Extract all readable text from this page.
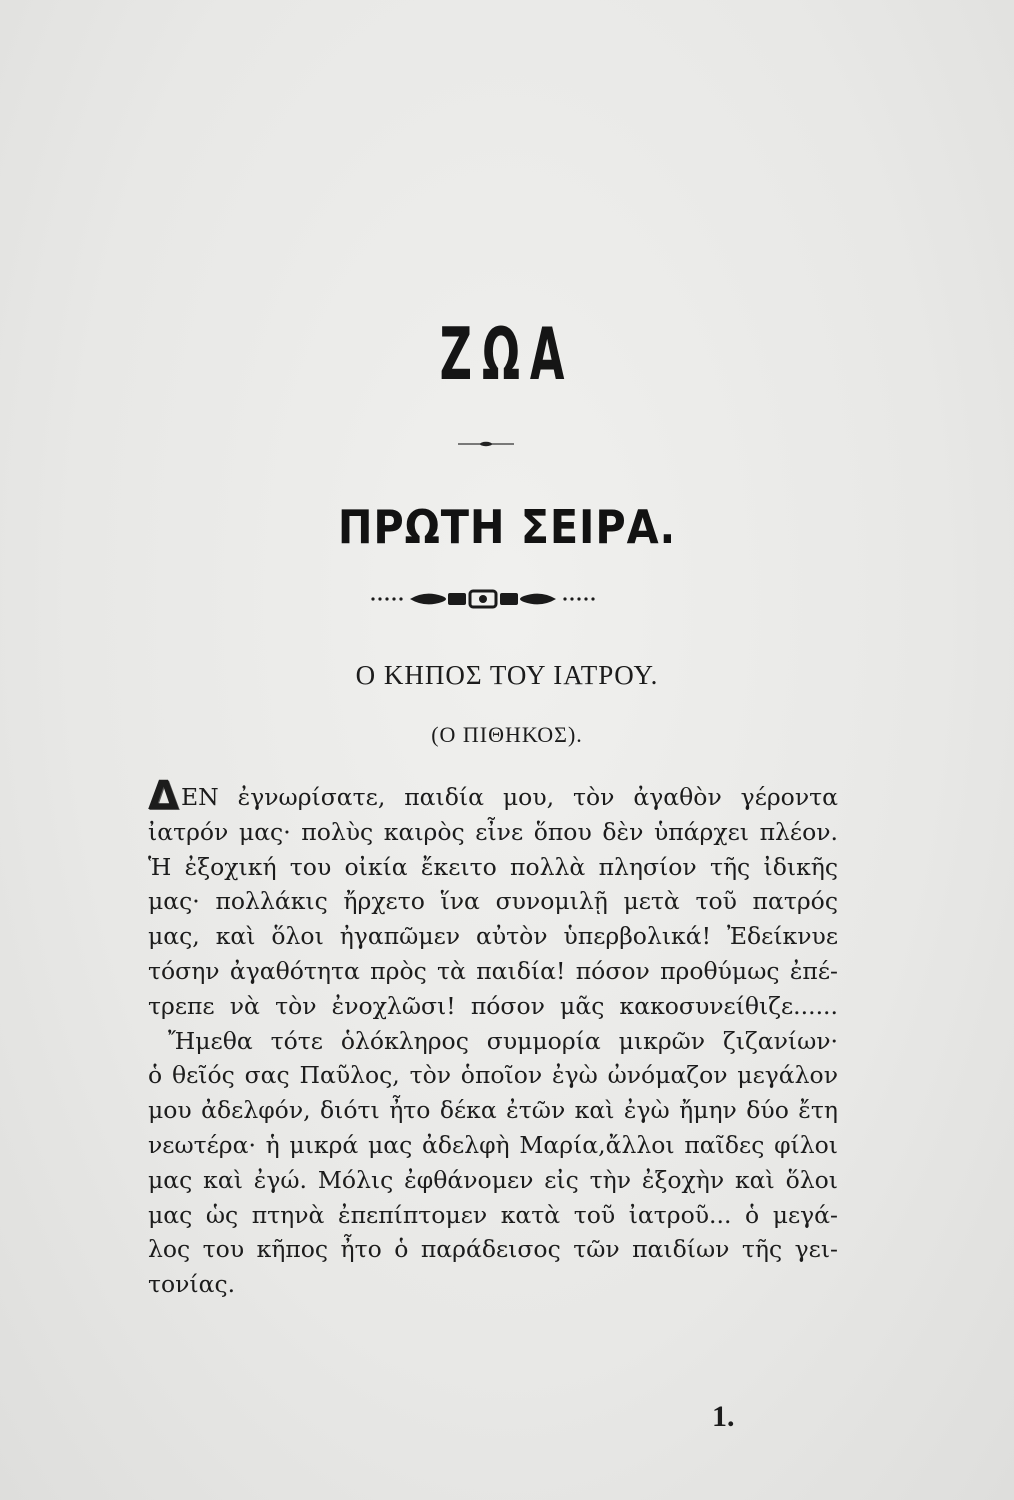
ΖΩΑ
ΠΡΩΤΗ ΣΕΙΡΑ.
Ο ΚΗΠΟΣ ΤΟΥ ΙΑΤΡΟΥ.
(Ο ΠΙΘΗΚΟΣ).
ΔΕΝ ἐγνωρίσατε, παιδία μου, τὸν ἀγαθὸν γέροντα
ἰατρόν μας· πολὺς καιρὸς εἶνε ὅπου δὲν ὑπάρχει πλέον.
Ἡ ἐξοχική του οἰκία ἔκειτο πολλὰ πλησίον τῆς ἰδικῆς
μας· πολλάκις ἤρχετο ἵνα συνομιλῇ μετὰ τοῦ πατρός
μας, καὶ ὅλοι ἠγαπῶμεν αὐτὸν ὑπερβολικά! Ἐδείκνυε
τόσην ἀγαθότητα πρὸς τὰ παιδία! πόσον προθύμως ἐπέ-
τρεπε νὰ τὸν ἐνοχλῶσι! πόσον μᾶς κακοσυνείθιζε......
Ἤμεθα τότε ὁλόκληρος συμμορία μικρῶν ζιζανίων·
ὁ θεῖός σας Παῦλος, τὸν ὁποῖον ἐγὼ ὠνόμαζον μεγάλον
μου ἀδελφόν, διότι ἦτο δέκα ἐτῶν καὶ ἐγὼ ἤμην δύο ἔτη
νεωτέρα· ἡ μικρά μας ἀδελφὴ Μαρία,ἄλλοι παῖδες φίλοι
μας καὶ ἐγώ. Μόλις ἐφθάνομεν εἰς τὴν ἐξοχὴν καὶ ὅλοι
μας ὡς πτηνὰ ἐπεπίπτομεν κατὰ τοῦ ἰατροῦ... ὁ μεγά-
λος του κῆπος ἦτο ὁ παράδεισος τῶν παιδίων τῆς γει-
τονίας.
1.
